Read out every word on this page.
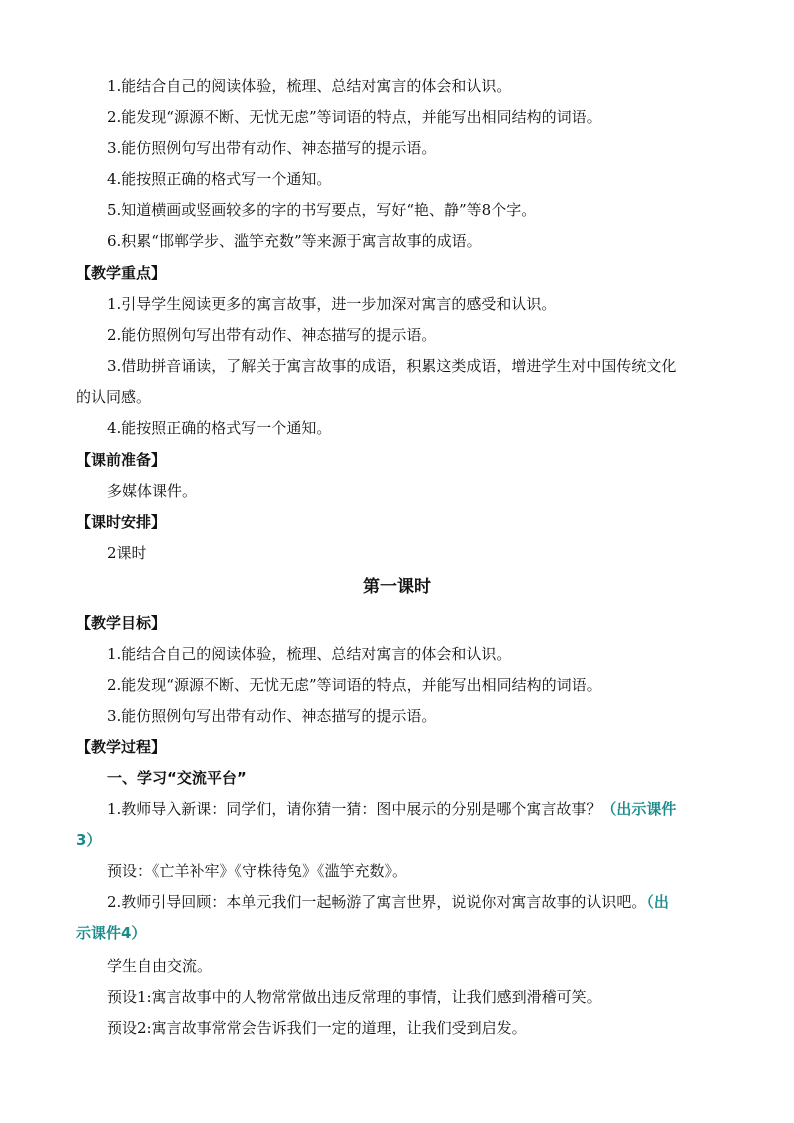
1.能结合自己的阅读体验，梳理、总结对寓言的体会和认识。
2.能发现“源源不断、无忧无虑”等词语的特点，并能写出相同结构的词语。
3.能仿照例句写出带有动作、神态描写的提示语。
4.能按照正确的格式写一个通知。
5.知道横画或竖画较多的字的书写要点，写好“艳、静”等8个字。
6.积累“邯郸学步、滥竽充数”等来源于寓言故事的成语。
【教学重点】
1.引导学生阅读更多的寓言故事，进一步加深对寓言的感受和认识。
2.能仿照例句写出带有动作、神态描写的提示语。
3.借助拼音诵读，了解关于寓言故事的成语，积累这类成语，增进学生对中国传统文化
的认同感。
4.能按照正确的格式写一个通知。
【课前准备】
多媒体课件。
【课时安排】
2课时
第一课时
【教学目标】
1.能结合自己的阅读体验，梳理、总结对寓言的体会和认识。
2.能发现“源源不断、无忧无虑”等词语的特点，并能写出相同结构的词语。
3.能仿照例句写出带有动作、神态描写的提示语。
【教学过程】
一、学习“交流平台”
1.教师导入新课：同学们，请你猜一猜：图中展示的分别是哪个寓言故事？（出示课件
3）
预设：《亡羊补牢》《守株待兔》《滥竽充数》。
2.教师引导回顾：本单元我们一起畅游了寓言世界，说说你对寓言故事的认识吧。（出
示课件4）
学生自由交流。
预设1:寓言故事中的人物常常做出违反常理的事情，让我们感到滑稽可笑。
预设2:寓言故事常常会告诉我们一定的道理，让我们受到启发。
